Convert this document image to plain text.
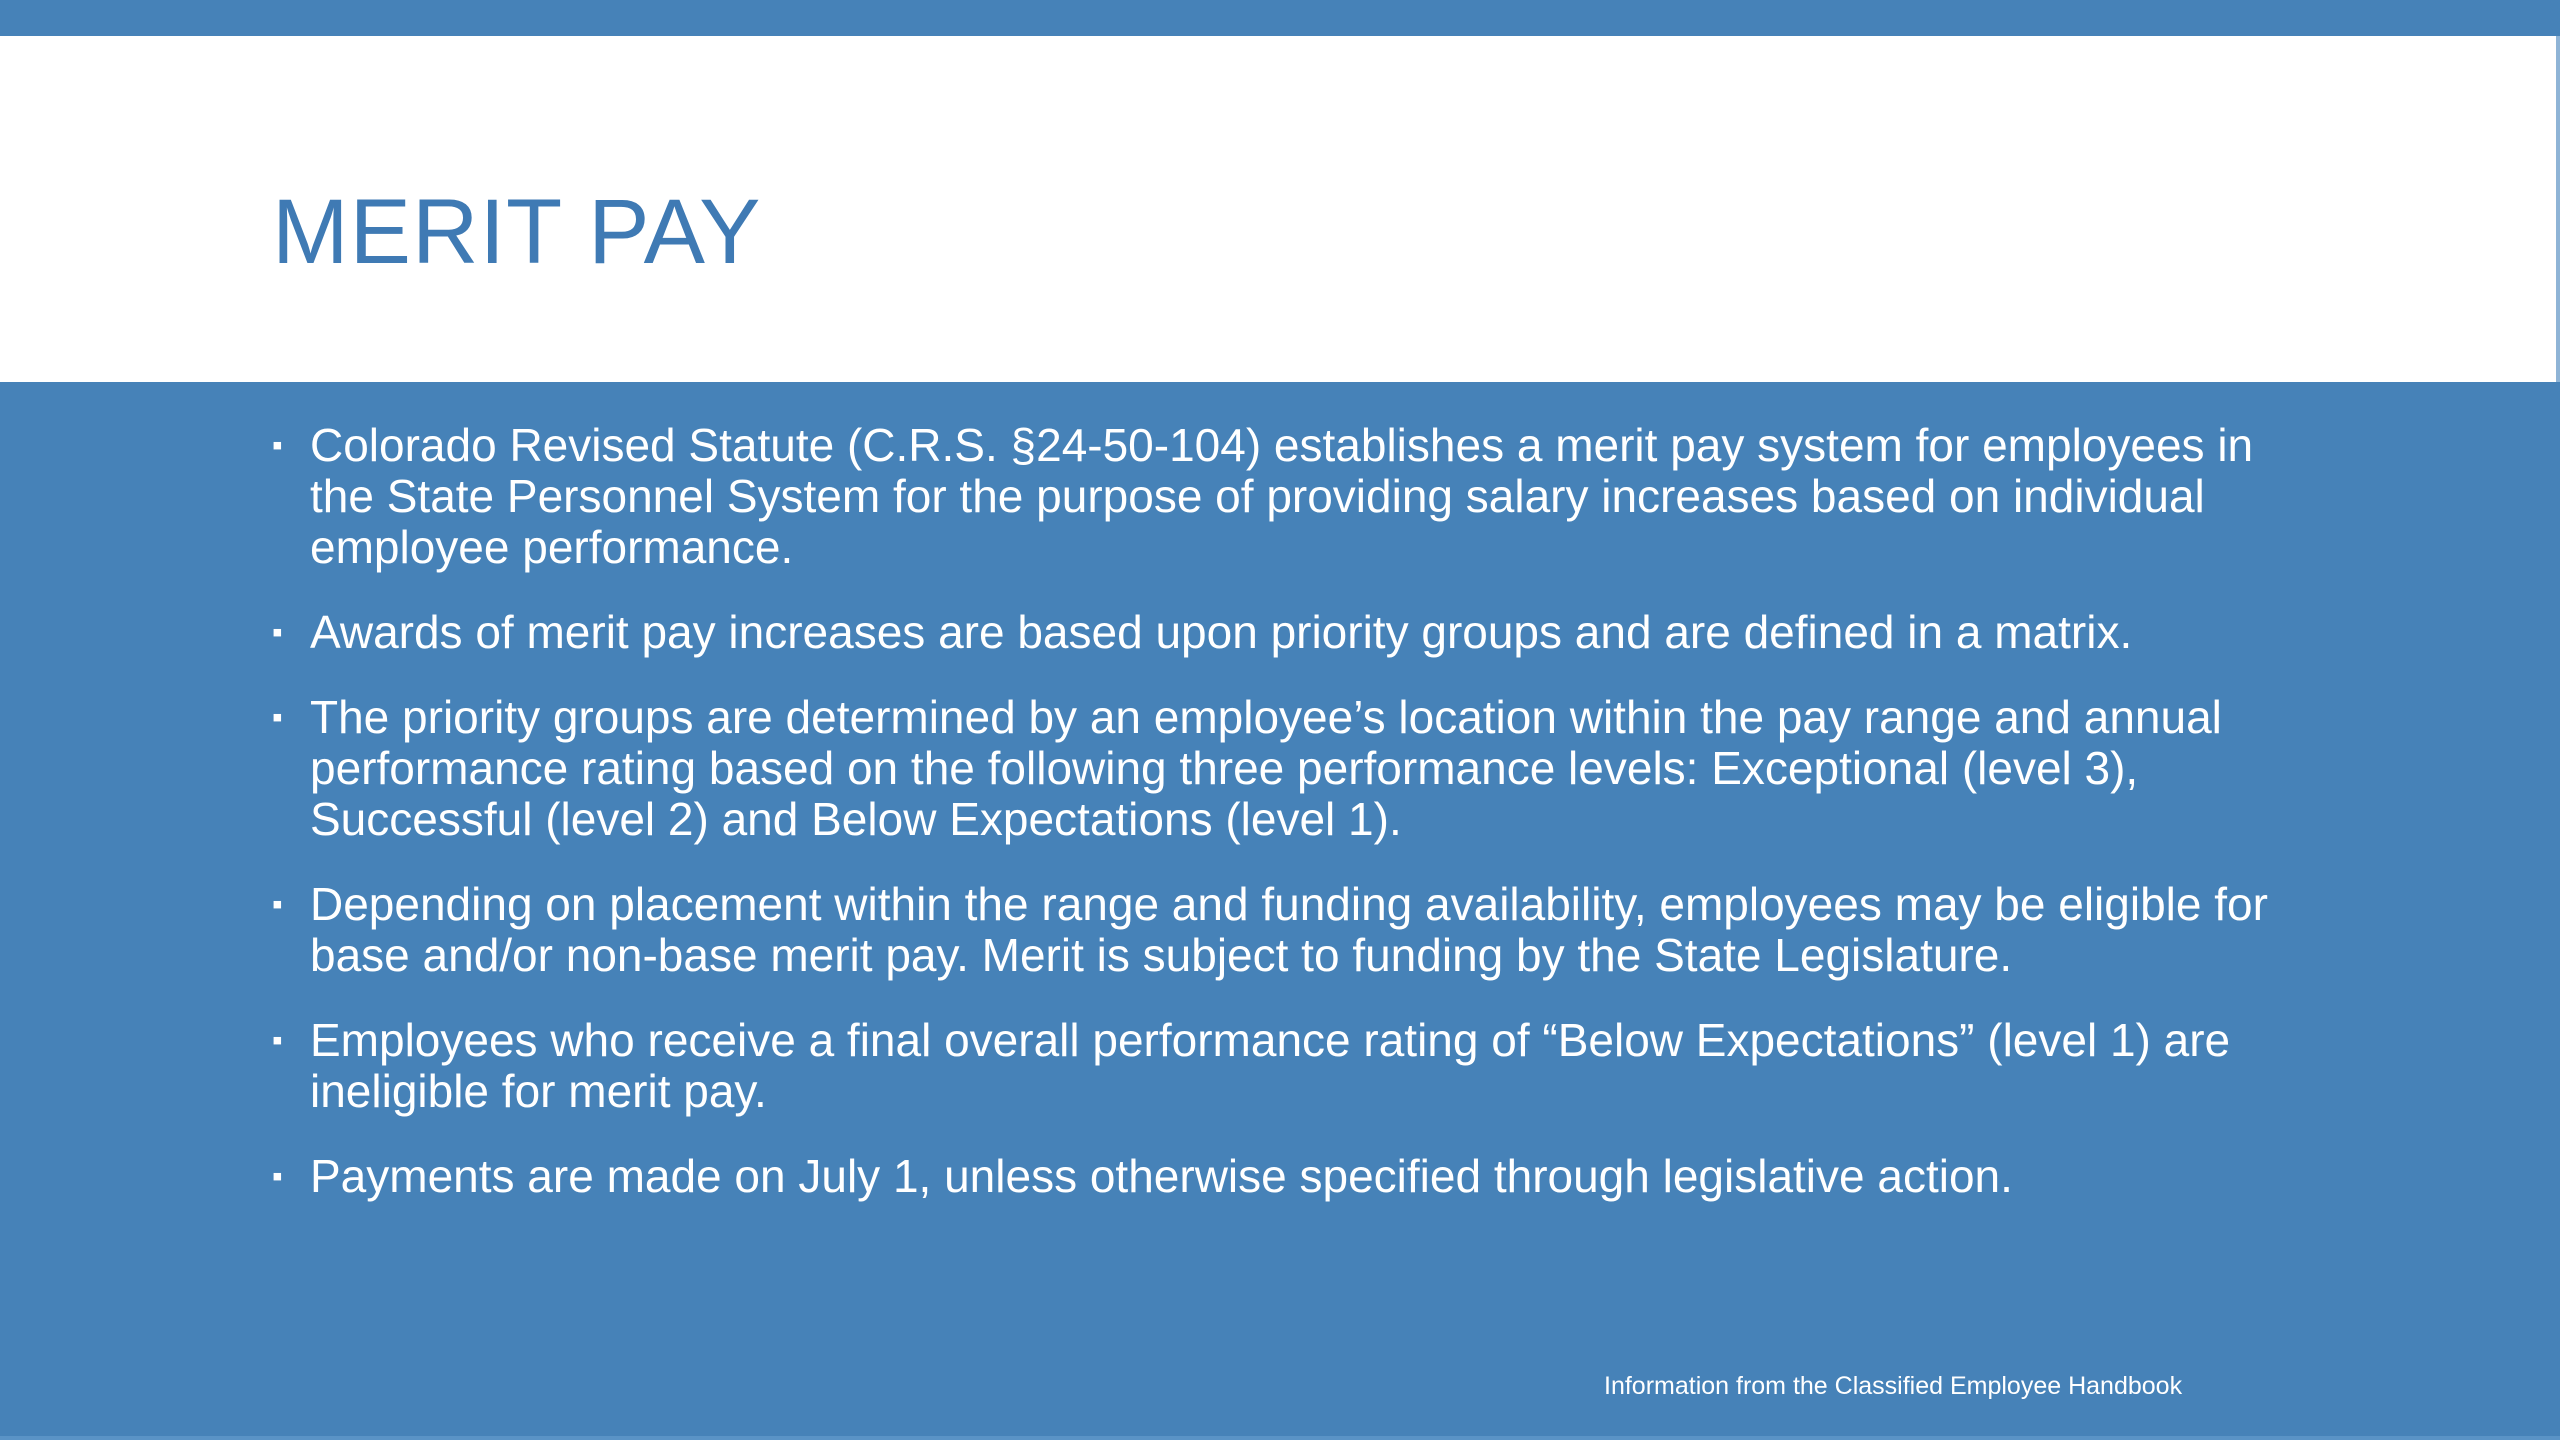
MERIT PAY
▪ Colorado Revised Statute (C.R.S. §24-50-104) establishes a merit pay system for employees in the State Personnel System for the purpose of providing salary increases based on individual employee performance.
▪ Awards of merit pay increases are based upon priority groups and are defined in a matrix.
▪ The priority groups are determined by an employee’s location within the pay range and annual performance rating based on the following three performance levels: Exceptional (level 3), Successful (level 2) and Below Expectations (level 1).
▪ Depending on placement within the range and funding availability, employees may be eligible for base and/or non-base merit pay. Merit is subject to funding by the State Legislature.
▪ Employees who receive a final overall performance rating of “Below Expectations” (level 1) are ineligible for merit pay.
▪ Payments are made on July 1, unless otherwise specified through legislative action.
Information from the Classified Employee Handbook
